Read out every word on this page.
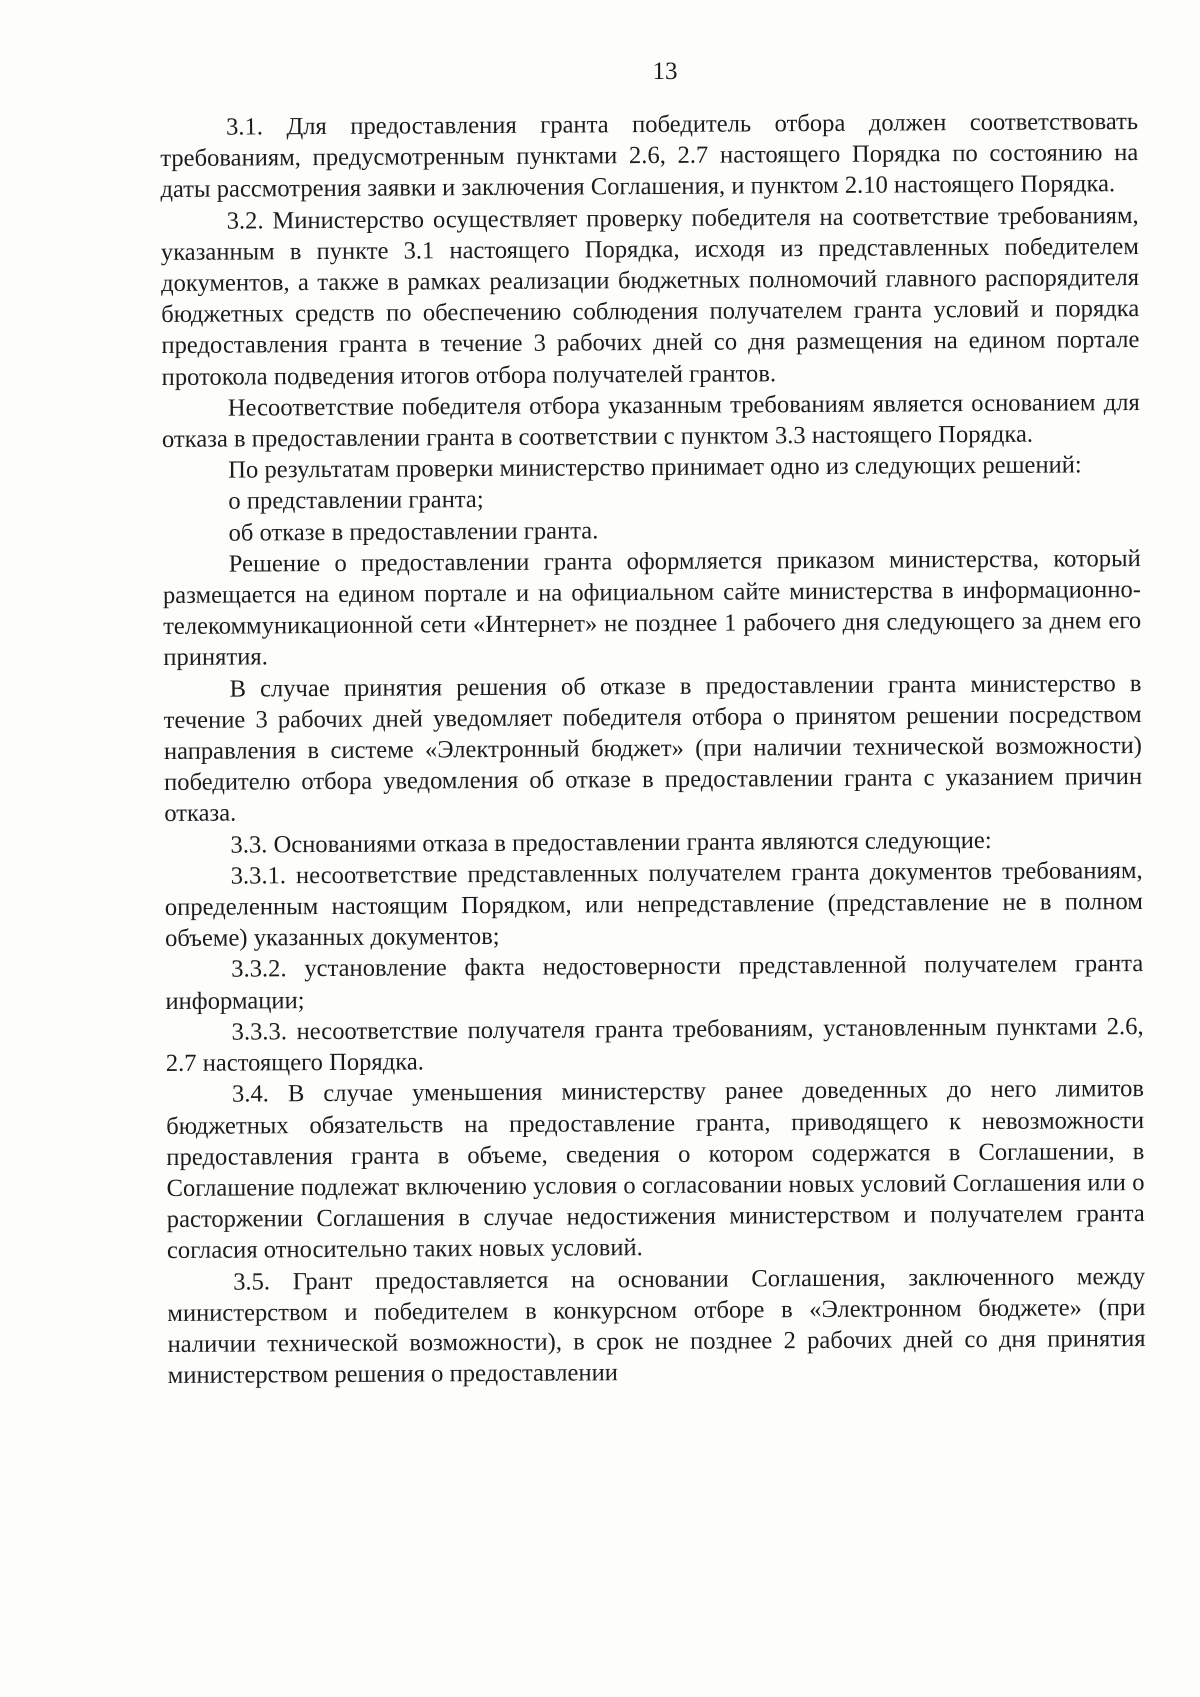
13

3.1. Для предоставления гранта победитель отбора должен соответствовать требованиям, предусмотренным пунктами 2.6, 2.7 настоящего Порядка по состоянию на даты рассмотрения заявки и заключения Соглашения, и пунктом 2.10 настоящего Порядка.

3.2. Министерство осуществляет проверку победителя на соответствие требованиям, указанным в пункте 3.1 настоящего Порядка, исходя из представленных победителем документов, а также в рамках реализации бюджетных полномочий главного распорядителя бюджетных средств по обеспечению соблюдения получателем гранта условий и порядка предоставления гранта в течение 3 рабочих дней со дня размещения на едином портале протокола подведения итогов отбора получателей грантов.

Несоответствие победителя отбора указанным требованиям является основанием для отказа в предоставлении гранта в соответствии с пунктом 3.3 настоящего Порядка.

По результатам проверки министерство принимает одно из следующих решений:

о представлении гранта;

об отказе в предоставлении гранта.

Решение о предоставлении гранта оформляется приказом министерства, который размещается на едином портале и на официальном сайте министерства в информационно-телекоммуникационной сети «Интернет» не позднее 1 рабочего дня следующего за днем его принятия.

В случае принятия решения об отказе в предоставлении гранта министерство в течение 3 рабочих дней уведомляет победителя отбора о принятом решении посредством направления в системе «Электронный бюджет» (при наличии технической возможности) победителю отбора уведомления об отказе в предоставлении гранта с указанием причин отказа.

3.3. Основаниями отказа в предоставлении гранта являются следующие:

3.3.1. несоответствие представленных получателем гранта документов требованиям, определенным настоящим Порядком, или непредставление (представление не в полном объеме) указанных документов;

3.3.2. установление факта недостоверности представленной получателем гранта информации;

3.3.3. несоответствие получателя гранта требованиям, установленным пунктами 2.6, 2.7 настоящего Порядка.

3.4. В случае уменьшения министерству ранее доведенных до него лимитов бюджетных обязательств на предоставление гранта, приводящего к невозможности предоставления гранта в объеме, сведения о котором содержатся в Соглашении, в Соглашение подлежат включению условия о согласовании новых условий Соглашения или о расторжении Соглашения в случае недостижения министерством и получателем гранта согласия относительно таких новых условий.

3.5. Грант предоставляется на основании Соглашения, заключенного между министерством и победителем в конкурсном отборе в «Электронном бюджете» (при наличии технической возможности), в срок не позднее 2 рабочих дней со дня принятия министерством решения о предоставлении
